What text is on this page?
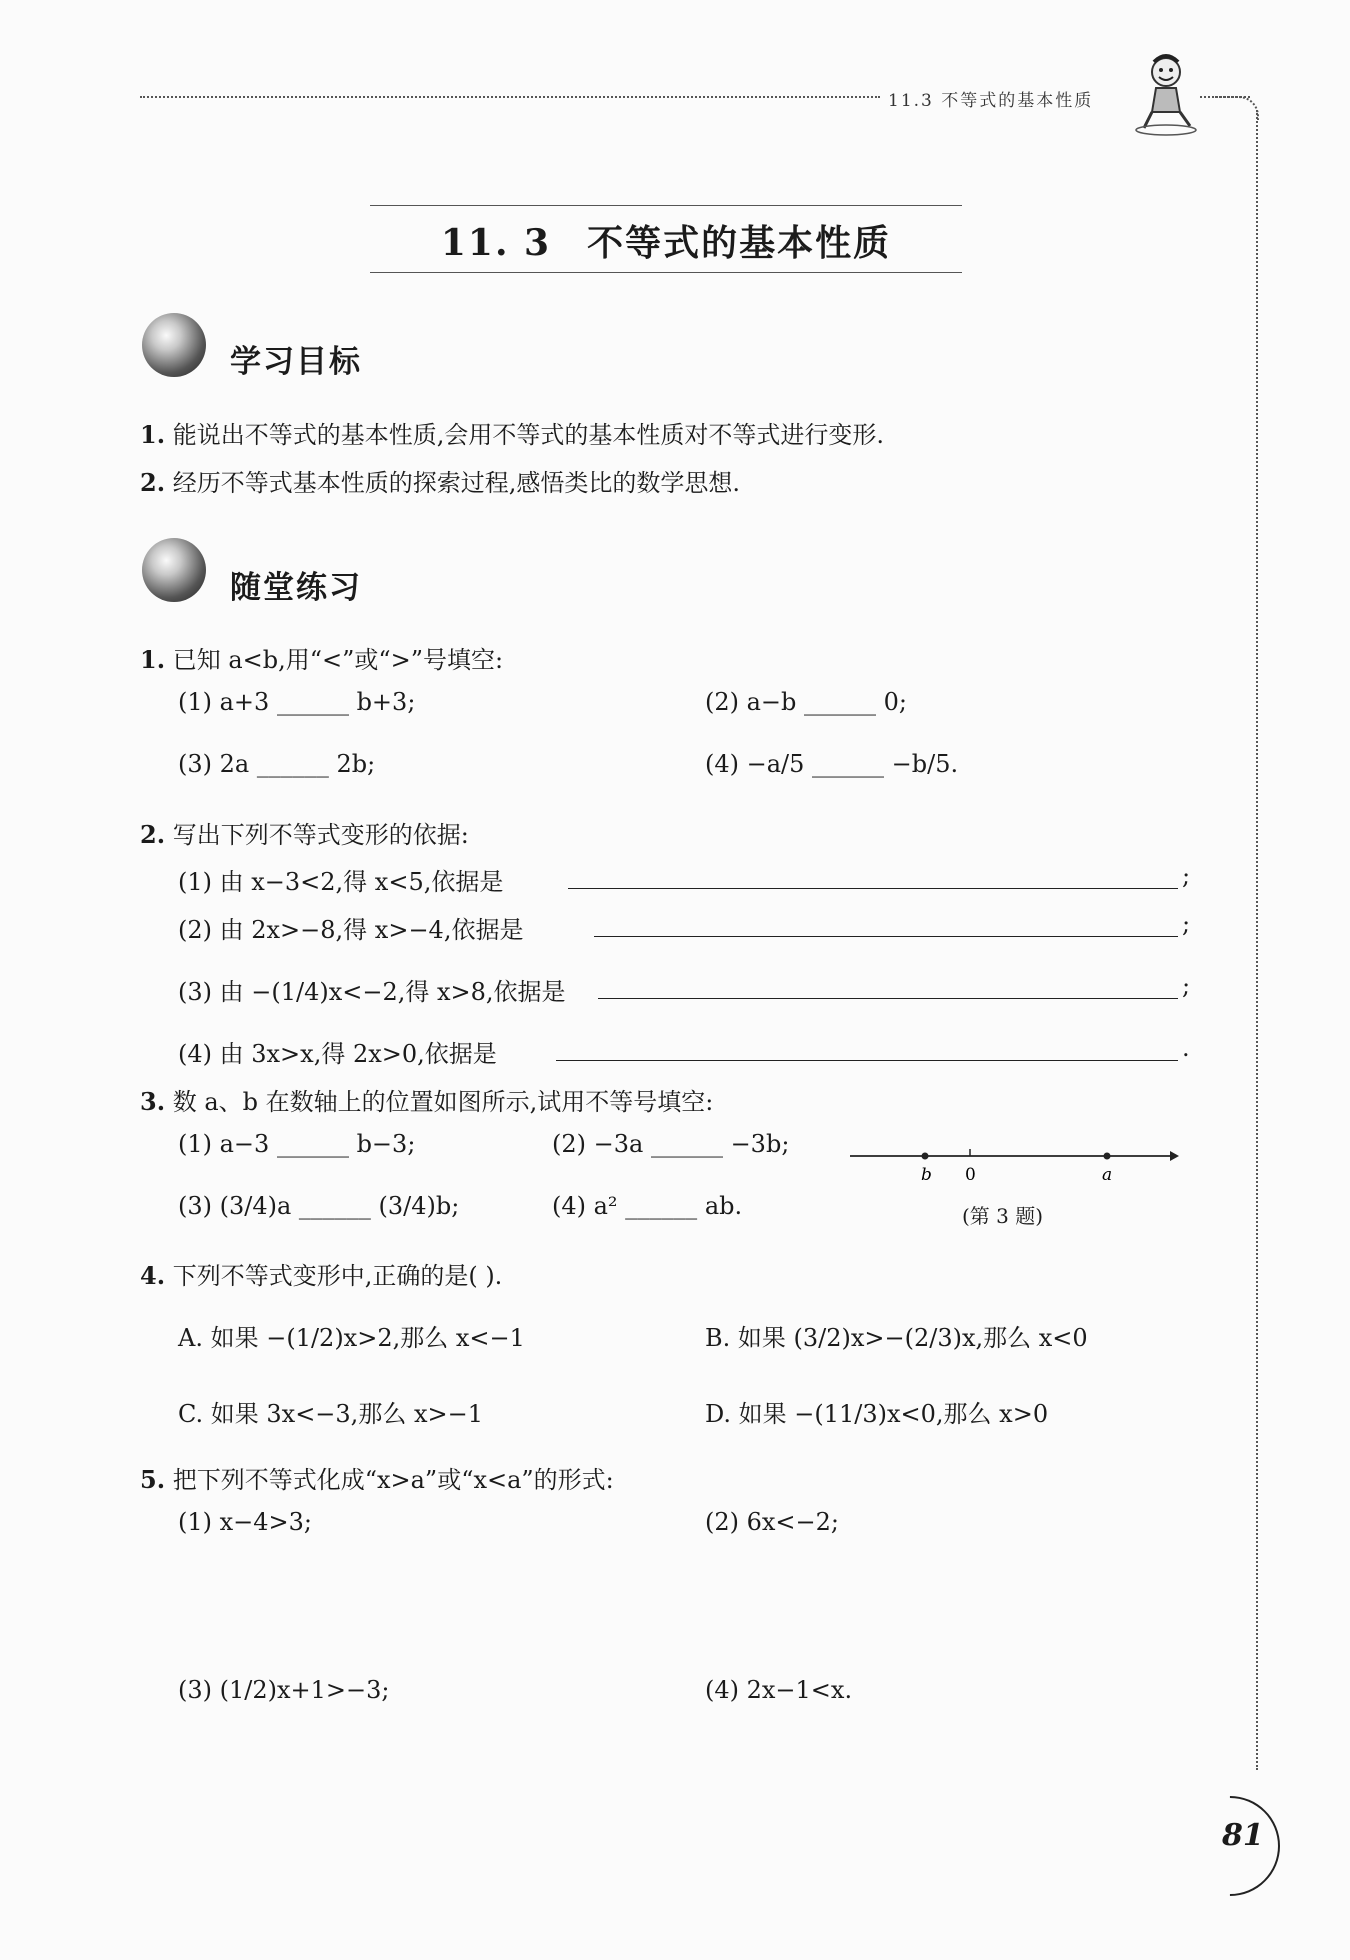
11.3 不等式的基本性质
11. 3 不等式的基本性质
学习目标
1. 能说出不等式的基本性质,会用不等式的基本性质对不等式进行变形.
2. 经历不等式基本性质的探索过程,感悟类比的数学思想.
随堂练习
1. 已知 a<b,用“<”或“>”号填空:
(1) a+3 ______ b+3;	(2) a−b ______ 0;
(3) 2a ______ 2b;	(4) −a/5 ______ −b/5.
2. 写出下列不等式变形的依据:
(1) 由 x−3<2,得 x<5,依据是	;
(2) 由 2x>−8,得 x>−4,依据是	;
(3) 由 −(1/4)x<−2,得 x>8,依据是	;
(4) 由 3x>x,得 2x>0,依据是	.
3. 数 a、b 在数轴上的位置如图所示,试用不等号填空:
(1) a−3 ______ b−3;	(2) −3a ______ −3b;
(3) (3/4)a ______ (3/4)b;	(4) a² ______ ab.
b 0	a
(第 3 题)
4. 下列不等式变形中,正确的是( ).
A. 如果 −(1/2)x>2,那么 x<−1	B. 如果 (3/2)x>−(2/3)x,那么 x<0
C. 如果 3x<−3,那么 x>−1	D. 如果 −(11/3)x<0,那么 x>0
5. 把下列不等式化成“x>a”或“x<a”的形式:
(1) x−4>3;	(2) 6x<−2;
(3) (1/2)x+1>−3;	(4) 2x−1<x.
81
